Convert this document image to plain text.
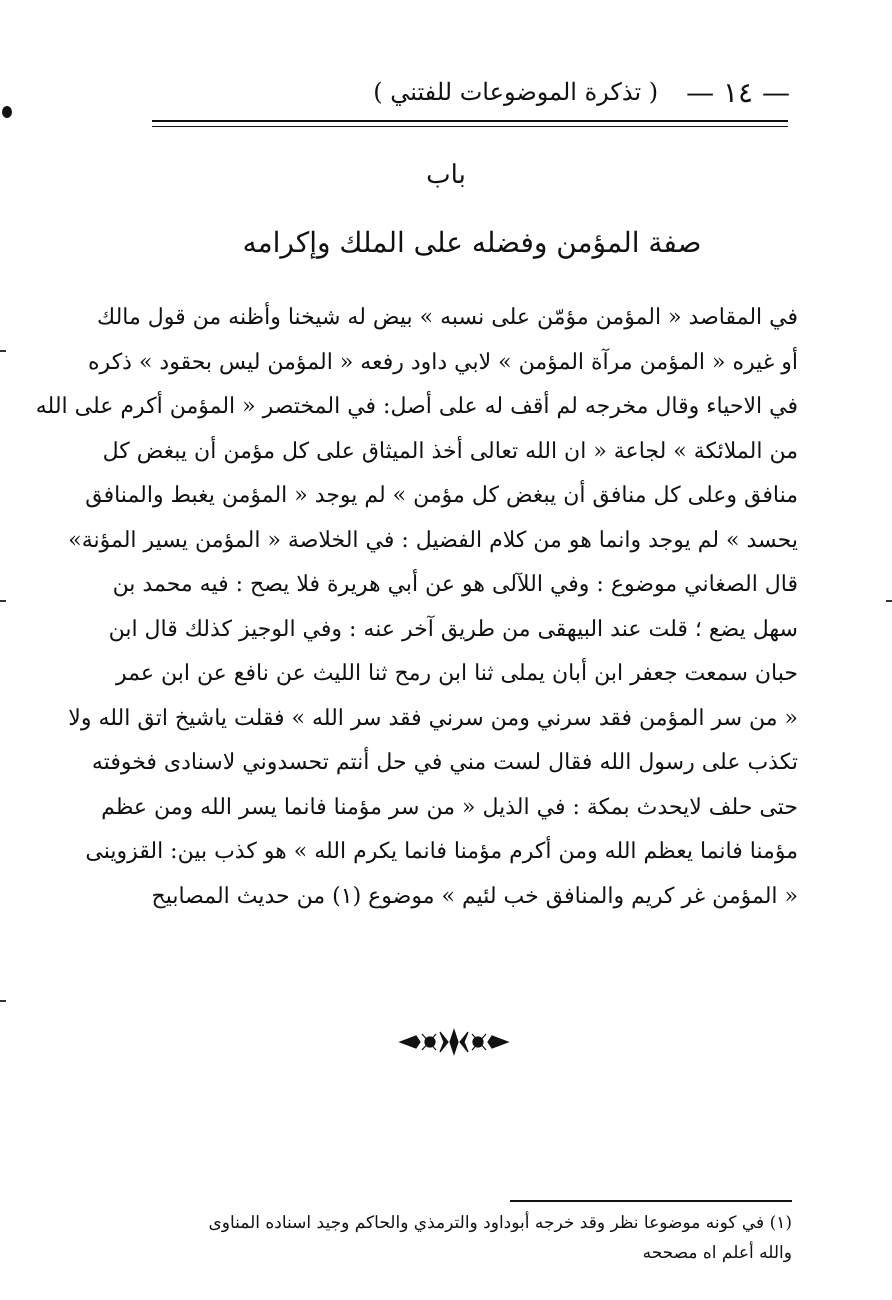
— ١٤ —
( تذكرة الموضوعات للفتني )
باب
صفة المؤمن وفضله على الملك وإكرامه
في المقاصد « المؤمن مؤمّن على نسبه » بيض له شيخنا وأظنه من قول مالك
أو غيره « المؤمن مرآة المؤمن » لابي داود رفعه « المؤمن ليس بحقود » ذكره
في الاحياء وقال مخرجه لم أقف له على أصل: في المختصر « المؤمن أكرم على الله
من الملائكة » لجاعة « ان الله تعالى أخذ الميثاق على كل مؤمن أن يبغض كل
منافق وعلى كل منافق أن يبغض كل مؤمن » لم يوجد « المؤمن يغبط والمنافق
يحسد » لم يوجد وانما هو من كلام الفضيل : في الخلاصة « المؤمن يسير المؤنة»
قال الصغاني موضوع : وفي اللآلى هو عن أبي هريرة فلا يصح : فيه محمد بن
سهل يضع ؛ قلت عند البيهقى من طريق آخر عنه : وفي الوجيز كذلك قال ابن
حبان سمعت جعفر ابن أبان يملى ثنا ابن رمح ثنا الليث عن نافع عن ابن عمر
« من سر المؤمن فقد سرني ومن سرني فقد سر الله » فقلت ياشيخ اتق الله ولا
تكذب على رسول الله فقال لست مني في حل أنتم تحسدوني لاسنادى فخوفته
حتى حلف لايحدث بمكة : في الذيل « من سر مؤمنا فانما يسر الله ومن عظم
مؤمنا فانما يعظم الله ومن أكرم مؤمنا فانما يكرم الله » هو كذب بين: القزوينى
« المؤمن غر كريم والمنافق خب لئيم » موضوع (١) من حديث المصابيح
(١) في كونه موضوعا نظر وقد خرجه أبوداود والترمذي والحاكم وجيد اسناده المناوى
والله أعلم اه مصححه
